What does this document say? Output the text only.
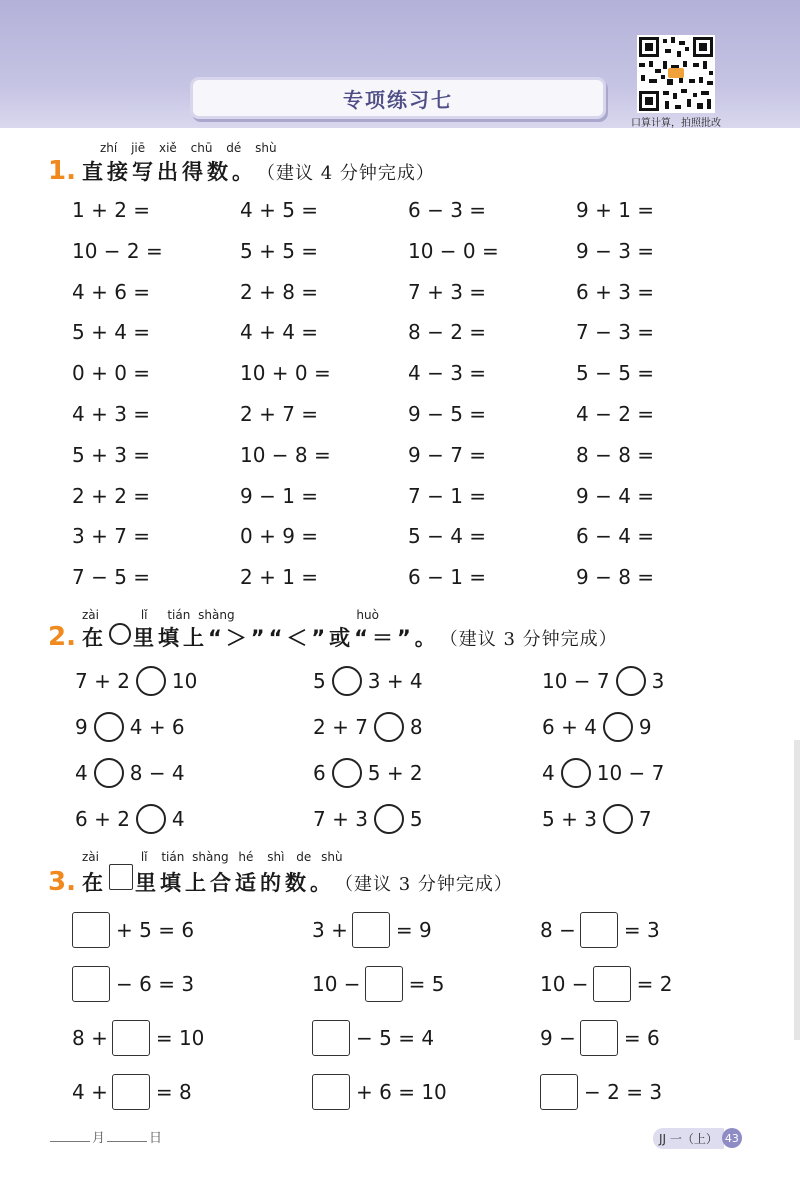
专项练习七
口算计算，拍照批改
zhí jiē xiě chū dé shù
1. 直接写出得数。 （建议 4 分钟完成）
1 + 2 =	4 + 5 =	6 − 3 =	9 + 1 =
10 − 2 =	5 + 5 =	10 − 0 =	9 − 3 =
4 + 6 =	2 + 8 =	7 + 3 =	6 + 3 =
5 + 4 =	4 + 4 =	8 − 2 =	7 − 3 =
0 + 0 =	10 + 0 =	4 − 3 =	5 − 5 =
4 + 3 =	2 + 7 =	9 − 5 =	4 − 2 =
5 + 3 =	10 − 8 =	9 − 7 =	8 − 8 =
2 + 2 =	9 − 1 =	7 − 1 =	9 − 4 =
3 + 7 =	0 + 9 =	5 − 4 =	6 − 4 =
7 − 5 =	2 + 1 =	6 − 1 =	9 − 8 =
zài	lǐ tián shàng	huò
2. 在 里填上“＞”“＜”或“＝”。 （建议 3 分钟完成）
7 + 2 10	5 3 + 4	10 − 7 3
9 4 + 6	2 + 7 8	6 + 4 9
4 8 − 4	6 5 + 2	4 10 − 7
6 + 2 4	7 + 3 5	5 + 3 7
zài	lǐ tián shàng hé shì de shù
3. 在 里填上合适的数。 （建议 3 分钟完成）
+ 5 = 6	3 + = 9	8 − = 3
− 6 = 3	10 − = 5	10 − = 2
8 + = 10	− 5 = 4	9 − = 6
4 + = 8	+ 6 = 10	− 2 = 3
月	日	JJ 一（上） 43
